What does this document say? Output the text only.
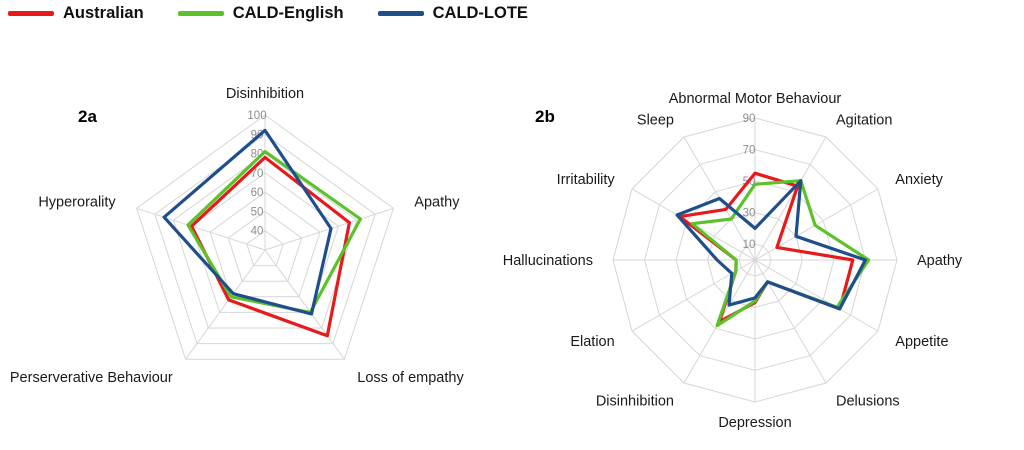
Australian	CALD-English	CALD-LOTE
2a
40
50
60
70
80
90
100
Disinhibition
Apathy
Loss of empathy
Perserverative Behaviour
Hyperorality
2b
10
30
50
70
90
Abnormal Motor Behaviour
Agitation
Anxiety
Apathy
Appetite
Delusions
Depression
Disinhibition
Elation
Hallucinations
Irritability
Sleep
